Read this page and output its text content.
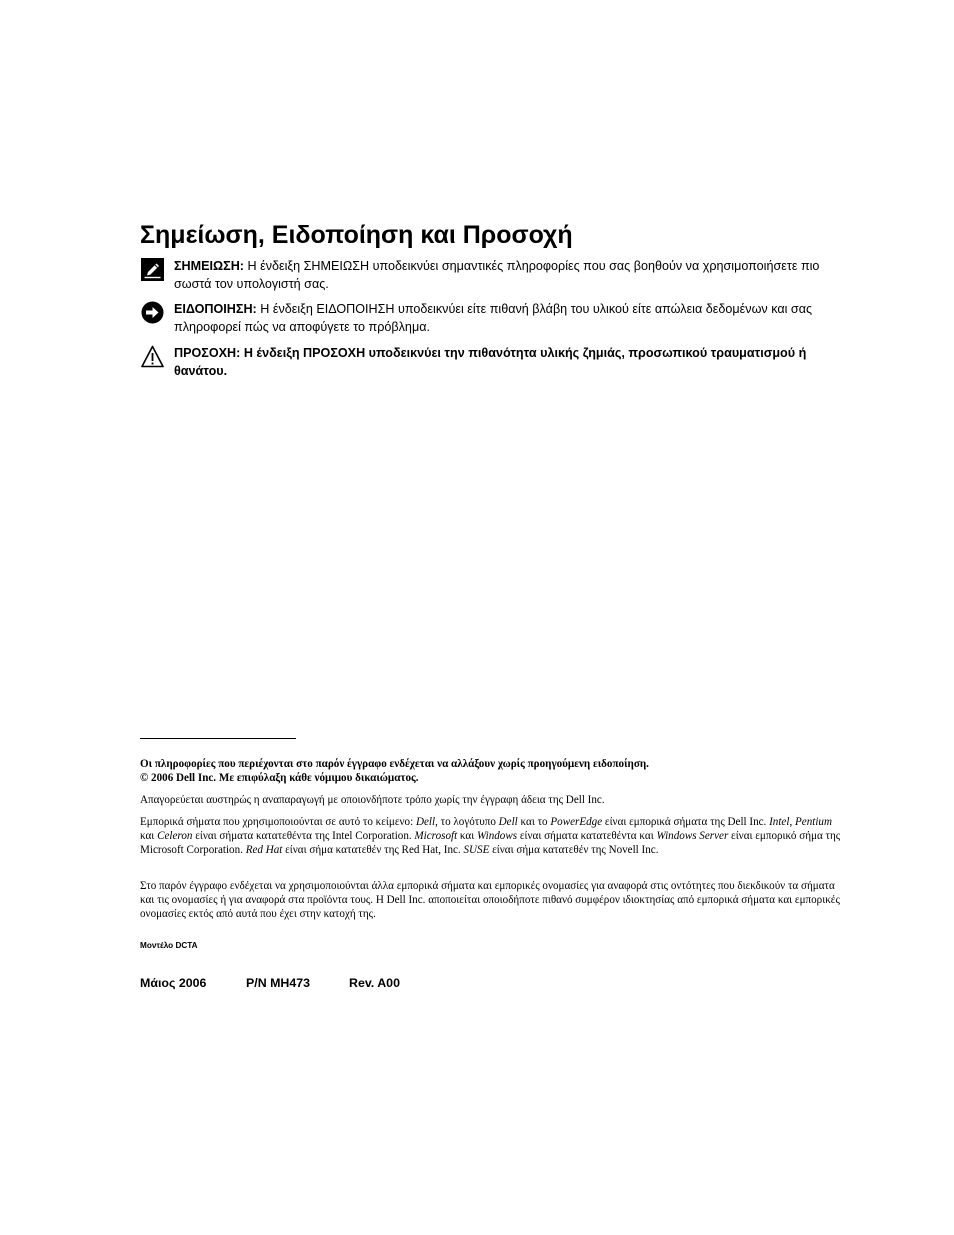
Σημείωση, Ειδοποίηση και Προσοχή
ΣΗΜΕΙΩΣΗ: Η ένδειξη ΣΗΜΕΙΩΣΗ υποδεικνύει σημαντικές πληροφορίες που σας βοηθούν να χρησιμοποιήσετε πιο σωστά τον υπολογιστή σας.
ΕΙΔΟΠΟΙΗΣΗ: Η ένδειξη ΕΙΔΟΠΟΙΗΣΗ υποδεικνύει είτε πιθανή βλάβη του υλικού είτε απώλεια δεδομένων και σας πληροφορεί πώς να αποφύγετε το πρόβλημα.
ΠΡΟΣΟΧΗ: Η ένδειξη ΠΡΟΣΟΧΗ υποδεικνύει την πιθανότητα υλικής ζημιάς, προσωπικού τραυματισμού ή θανάτου.

Οι πληροφορίες που περιέχονται στο παρόν έγγραφο ενδέχεται να αλλάξουν χωρίς προηγούμενη ειδοποίηση.
© 2006 Dell Inc. Με επιφύλαξη κάθε νόμιμου δικαιώματος.

Απαγορεύεται αυστηρώς η αναπαραγωγή με οποιονδήποτε τρόπο χωρίς την έγγραφη άδεια της Dell Inc.

Εμπορικά σήματα που χρησιμοποιούνται σε αυτό το κείμενο: Dell, το λογότυπο Dell και το PowerEdge είναι εμπορικά σήματα της Dell Inc. Intel, Pentium και Celeron είναι σήματα κατατεθέντα της Intel Corporation. Microsoft και Windows είναι σήματα κατατεθέντα και Windows Server είναι εμπορικό σήμα της Microsoft Corporation. Red Hat είναι σήμα κατατεθέν της Red Hat, Inc. SUSE είναι σήμα κατατεθέν της Novell Inc.

Στο παρόν έγγραφο ενδέχεται να χρησιμοποιούνται άλλα εμπορικά σήματα και εμπορικές ονομασίες για αναφορά στις οντότητες που διεκδικούν τα σήματα και τις ονομασίες ή για αναφορά στα προϊόντα τους. Η Dell Inc. αποποιείται οποιοδήποτε πιθανό συμφέρον ιδιοκτησίας από εμπορικά σήματα και εμπορικές ονομασίες εκτός από αυτά που έχει στην κατοχή της.

Μοντέλο DCTA
Μάιος 2006	P/N MH473	Rev. A00
